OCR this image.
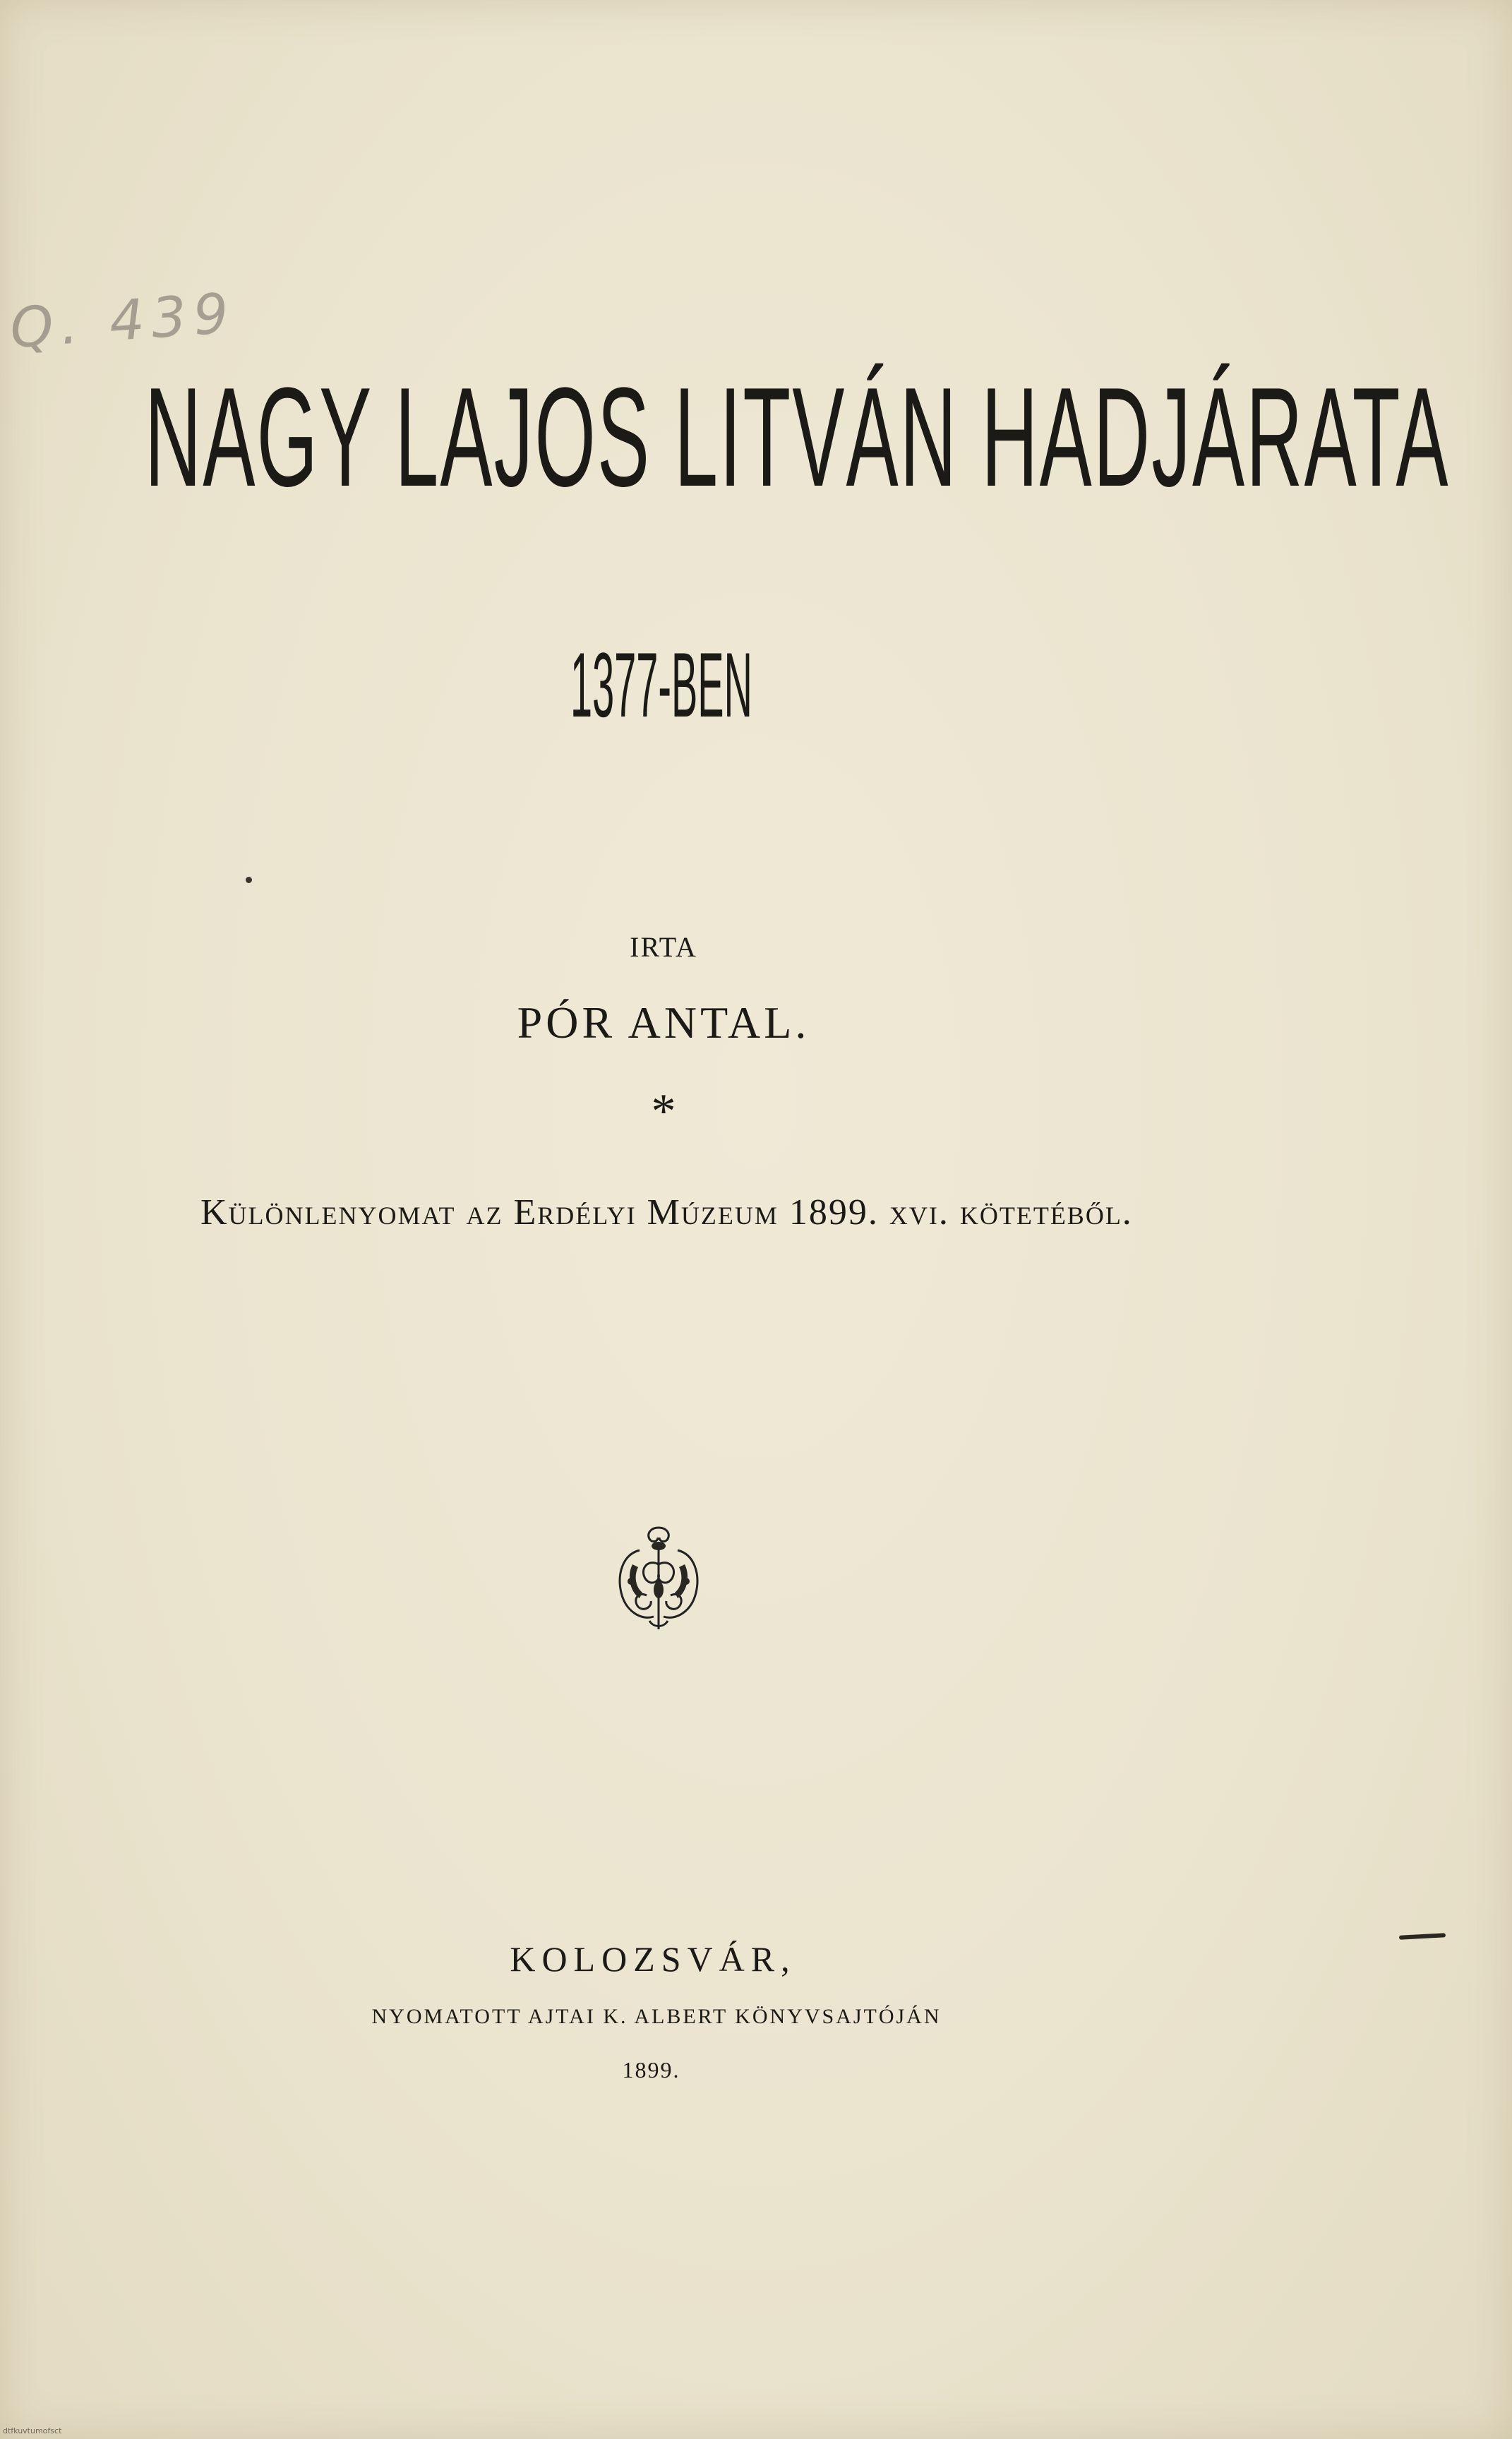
Q. 439
NAGY LAJOS LITVÁN HADJÁRATA
1377-BEN
IRTA
PÓR ANTAL.
*
Különlenyomat az Erdélyi Múzeum 1899. xvi. kötetéből.
KOLOZSVÁR,
NYOMATOTT AJTAI K. ALBERT KÖNYVSAJTÓJÁN
1899.
dtfkuvtumofsct
